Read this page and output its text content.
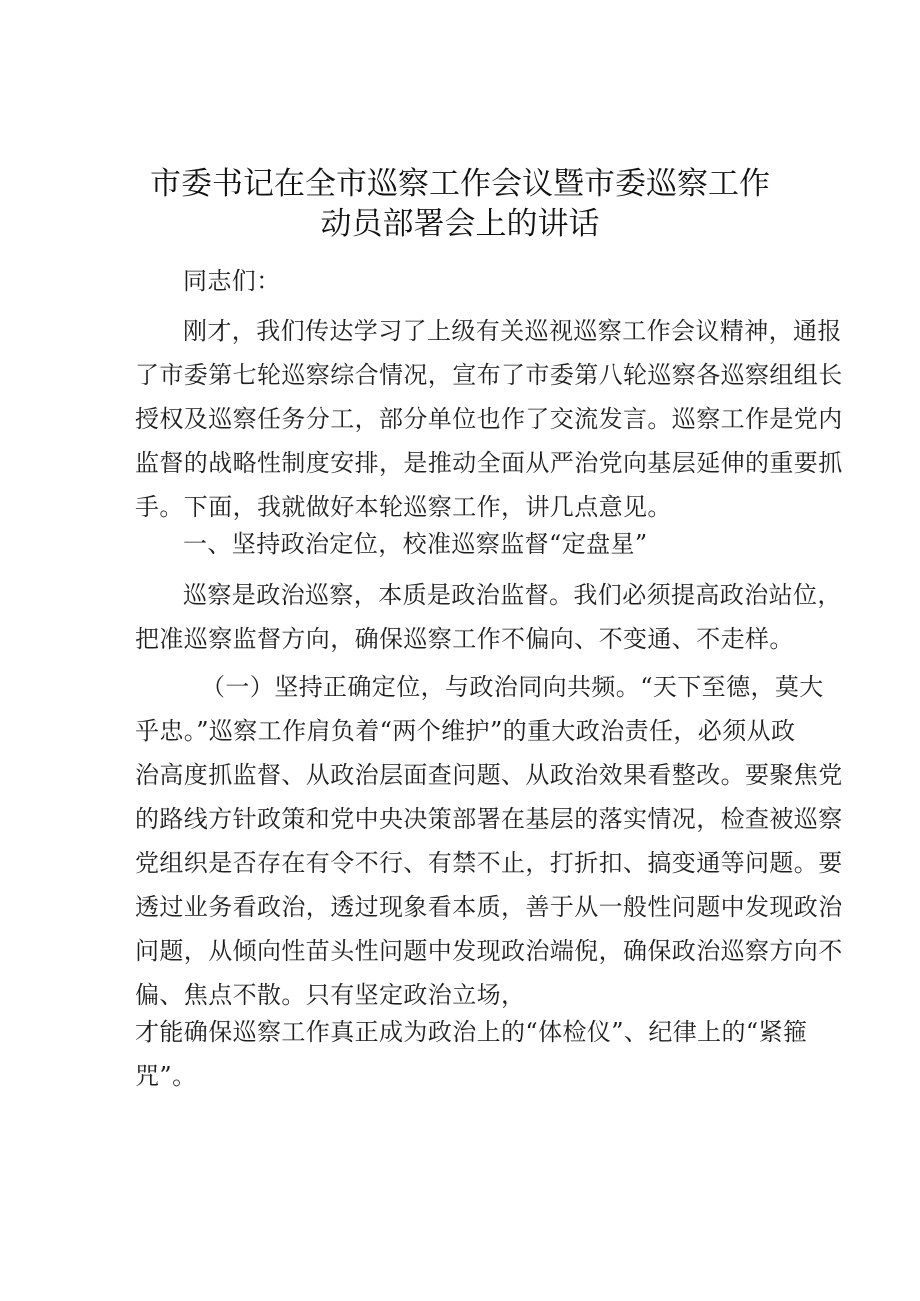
市委书记在全市巡察工作会议暨市委巡察工作
动员部署会上的讲话

同志们：

刚才，我们传达学习了上级有关巡视巡察工作会议精神，通报
了市委第七轮巡察综合情况，宣布了市委第八轮巡察各巡察组组长
授权及巡察任务分工，部分单位也作了交流发言。巡察工作是党内
监督的战略性制度安排，是推动全面从严治党向基层延伸的重要抓
手。下面，我就做好本轮巡察工作，讲几点意见。
一、坚持政治定位，校准巡察监督“定盘星”
巡察是政治巡察，本质是政治监督。我们必须提高政治站位，
把准巡察监督方向，确保巡察工作不偏向、不变通、不走样。
（一）坚持正确定位，与政治同向共频。“天下至德，莫大
乎忠。”巡察工作肩负着“两个维护”的重大政治责任，必须从政
治高度抓监督、从政治层面查问题、从政治效果看整改。要聚焦党
的路线方针政策和党中央决策部署在基层的落实情况，检查被巡察
党组织是否存在有令不行、有禁不止，打折扣、搞变通等问题。要
透过业务看政治，透过现象看本质，善于从一般性问题中发现政治
问题，从倾向性苗头性问题中发现政治端倪，确保政治巡察方向不
偏、焦点不散。只有坚定政治立场，
才能确保巡察工作真正成为政治上的“体检仪”、纪律上的“紧箍
咒”。
